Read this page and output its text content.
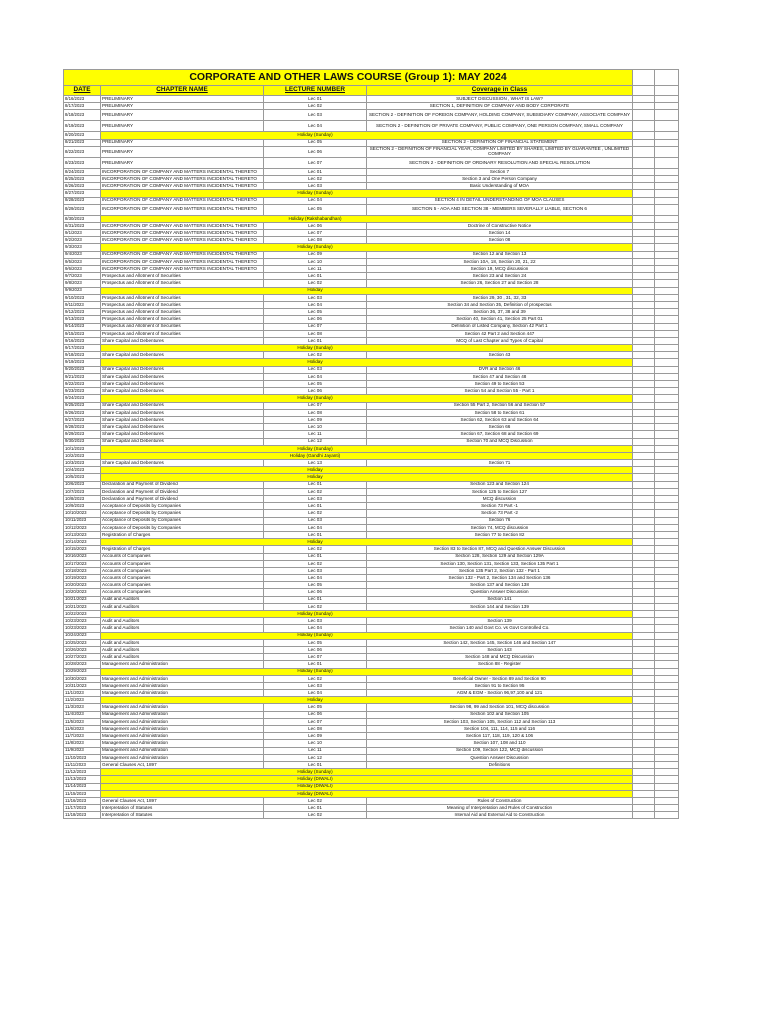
CORPORATE AND OTHER LAWS COURSE (Group 1): MAY 2024					
DATE	CHAPTER NAME	LECTURE NUMBER	Coverage in Class		
8/16/2023	PRELIMINARY	Lec 01	SUBJECT DISCUSSION , WHAT IS LAW?		
8/17/2023	PRELIMINARY	Lec 02	SECTION 1, DEFINITION OF COMPANY AND BODY CORPORATE		
8/18/2023	PRELIMINARY	Lec 03	SECTION 2 - DEFINITION OF FOREIGN COMPANY, HOLDING COMPANY, SUBSIDIARY COMPANY, ASSOCIATE COMPANY		
8/19/2023	PRELIMINARY	Lec 04	SECTION 2 - DEFINITION OF PRIVATE COMPANY, PUBLIC COMPANY, ONE PERSON COMPANY, SMALL COMPANY		
8/20/2023		Holiday (Sunday)			
8/21/2023	PRELIMINARY	Lec 05	SECTION 2 - DEFINITION OF FINANCIAL STATEMENT		
8/22/2023	PRELIMINARY	Lec 06	SECTION 2 - DEFINITION OF FINANCIAL YEAR, COMPANY LIMITED BY SHARES, LIMITED BY GUARANTEE , UNLIMITED COMPANY		
8/23/2023	PRELIMINARY	Lec 07	SECTION 2 - DEFINITION OF ORDINARY RESOLUTION AND SPECIAL RESOLUTION		
8/24/2023	INCORPORATION OF COMPANY AND MATTERS INCIDENTAL THERETO	Lec 01	Section 7		
8/25/2023	INCORPORATION OF COMPANY AND MATTERS INCIDENTAL THERETO	Lec 02	Section 3 and One Person Company		
8/26/2023	INCORPORATION OF COMPANY AND MATTERS INCIDENTAL THERETO	Lec 03	Basic Understanding of MOA		
8/27/2023		Holiday (Sunday)			
8/28/2023	INCORPORATION OF COMPANY AND MATTERS INCIDENTAL THERETO	Lec 04	SECTION 4 IN DETAIL UNDERSTANDING OF MOA CLAUSES		
8/29/2023	INCORPORATION OF COMPANY AND MATTERS INCIDENTAL THERETO	Lec 05	SECTION 5 - AOA AND SECTION 38 - MEMBERS SEVERALLY LIABLE, SECTION 6		
8/30/2023		Holiday (Rakshabandhan)			
8/31/2023	INCORPORATION OF COMPANY AND MATTERS INCIDENTAL THERETO	Lec 06	Doctrine of Constructive Notice		
9/1/2023	INCORPORATION OF COMPANY AND MATTERS INCIDENTAL THERETO	Lec 07	Section 14		
9/2/2023	INCORPORATION OF COMPANY AND MATTERS INCIDENTAL THERETO	Lec 08	Section 08		
9/3/2023		Holiday (Sunday)			
9/4/2023	INCORPORATION OF COMPANY AND MATTERS INCIDENTAL THERETO	Lec 09	Section 12 and Section 13		
9/5/2023	INCORPORATION OF COMPANY AND MATTERS INCIDENTAL THERETO	Lec 10	Section 10A, 18, Section 20, 21, 22		
9/6/2023	INCORPORATION OF COMPANY AND MATTERS INCIDENTAL THERETO	Lec 11	Section 19, MCQ discussion		
9/7/2023	Prospectus and Allotment of Securities	Lec 01	Section 23 and Section 24		
9/8/2023	Prospectus and Allotment of Securities	Lec 02	Section 26, Section 27 and Section 28		
9/9/2023		Holiday			
9/10/2023	Prospectus and Allotment of Securities	Lec 03	Section 29, 30 , 31, 32, 33		
9/11/2023	Prospectus and Allotment of Securities	Lec 04	Section 34 and Section 35, Definition of prospectus		
9/12/2023	Prospectus and Allotment of Securities	Lec 05	Section 36, 37, 38 and 39		
9/13/2023	Prospectus and Allotment of Securities	Lec 06	Section 40, Section 41, Section 25 Part 01		
9/14/2023	Prospectus and Allotment of Securities	Lec 07	Definition of Listed Company, Section 42 Part 1		
9/15/2023	Prospectus and Allotment of Securities	Lec 08	Section 42 Part 2 and Section 447		
9/16/2023	Share Capital and Debentures	Lec 01	MCQ of Last Chapter and Types of Capital		
9/17/2023		Holiday (Sunday)			
9/18/2023	Share Capital and Debentures	Lec 02	Section 43		
9/19/2023		Holiday			
9/20/2023	Share Capital and Debentures	Lec 03	DVR and Section 46		
9/21/2023	Share Capital and Debentures	Lec 04	Section 47 and Section 48		
9/22/2023	Share Capital and Debentures	Lec 05	Section 49 to Section 53		
9/23/2023	Share Capital and Debentures	Lec 06	Section 54 and Section 55 - Part 1		
9/24/2023		Holiday (Sunday)			
9/25/2023	Share Capital and Debentures	Lec 07	Section 55 Part 2, Section 56 and Section 57		
9/26/2023	Share Capital and Debentures	Lec 08	Section 58 to Section 61		
9/27/2023	Share Capital and Debentures	Lec 09	Section 62, Section 63 and Section 64		
9/28/2023	Share Capital and Debentures	Lec 10	Section 66		
9/29/2023	Share Capital and Debentures	Lec 11	Section 67, Section 68 and Section 69		
9/30/2023	Share Capital and Debentures	Lec 12	Section 70 and MCQ Discussion		
10/1/2023		Holiday (Sunday)			
10/2/2023		Holiday (Gandhi Jayanti)			
10/3/2023	Share Capital and Debentures	Lec 13	Section 71		
10/4/2023		Holiday			
10/5/2023		Holiday			
10/6/2023	Declaration and Payment of Dividend	Lec 01	Section 123 and Section 124		
10/7/2023	Declaration and Payment of Dividend	Lec 02	Section 125 to Section 127		
10/8/2023	Declaration and Payment of Dividend	Lec 03	MCQ discussion		
10/9/2023	Acceptance of Deposits by Companies	Lec 01	Section 73 Part -1		
10/10/2023	Acceptance of Deposits by Companies	Lec 02	Section 73 Part -2		
10/11/2023	Acceptance of Deposits by Companies	Lec 03	Section 76		
10/12/2023	Acceptance of Deposits by Companies	Lec 04	Section 74, MCQ discussion		
10/13/2023	Registration of Charges	Lec 01	Section 77 to Section 82		
10/14/2023		Holiday			
10/15/2023	Registration of Charges	Lec 02	Section 83 to Section 87, MCQ and Question Answer Discussion		
10/16/2023	Accounts of Companies	Lec 01	Section 128, Section 129 and Section 129A		
10/17/2023	Accounts of Companies	Lec 02	Section 130, Section 131, Section 133, Section 135 Part 1		
10/18/2023	Accounts of Companies	Lec 03	Section 135 Part 2, Section 132 - Part 1		
10/19/2023	Accounts of Companies	Lec 04	Section 132 - Part 2, Section 134 and Section 136		
10/20/2023	Accounts of Companies	Lec 05	Section 137 and Section 138		
10/20/2023	Accounts of Companies	Lec 06	Question Answer Discussion		
10/21/2023	Audit and Auditors	Lec 01	Section 141		
10/21/2023	Audit and Auditors	Lec 02	Section 144 and Section 139		
10/22/2023		Holiday (Sunday)			
10/23/2023	Audit and Auditors	Lec 03	Section 139		
10/23/2023	Audit and Auditors	Lec 04	Section 140 and Govt Co. vs Govt Controlled Co.		
10/24/2023		Holiday (Sunday)			
10/25/2023	Audit and Auditors	Lec 05	Section 142, Section 145, Section 146 and Section 147		
10/26/2023	Audit and Auditors	Lec 06	Section 143		
10/27/2023	Audit and Auditors	Lec 07	Section 148 and MCQ Discussion		
10/28/2023	Management and Administration	Lec 01	Section 88 - Register		
10/29/2023		Holiday (Sunday)			
10/30/2023	Management and Administration	Lec 02	Beneficial Owner - Section 89 and Section 90		
10/31/2023	Management and Administration	Lec 03	Section 91 to Section 95		
11/1/2023	Management and Administration	Lec 04	AGM & EGM - Section 96,97,100 and 121		
11/2/2023		Holiday			
11/3/2023	Management and Administration	Lec 05	Section 98, 99 and Section 101, MCQ discussion		
11/4/2023	Management and Administration	Lec 06	Section 102 and Section 105		
11/5/2023	Management and Administration	Lec 07	Section 103, Section 105, Section 112 and Section 113		
11/6/2023	Management and Administration	Lec 08	Section 104, 111, 114, 115 and 116		
11/7/2023	Management and Administration	Lec 09	Section 117, 118, 119, 120 & 106		
11/8/2023	Management and Administration	Lec 10	Section 107, 108 and 110		
11/9/2023	Management and Administration	Lec 11	Section 109, Section 122, MCQ discussion		
11/10/2023	Management and Administration	Lec 12	Question Answer Discussion		
11/11/2023	General Clauses Act, 1897	Lec 01	Definitions		
11/12/2023		Holiday (Sunday)			
11/13/2023		Holiday (DIWALI)			
11/14/2023		Holiday (DIWALI)			
11/15/2023		Holiday (DIWALI)			
11/16/2023	General Clauses Act, 1897	Lec 02	Rules of Construction		
11/17/2023	Interpretation of Statutes	Lec 01	Meaning of Interpretation and Rules of Construction		
11/18/2023	Interpretation of Statutes	Lec 02	Internal Aid and External Aid to Construction		
